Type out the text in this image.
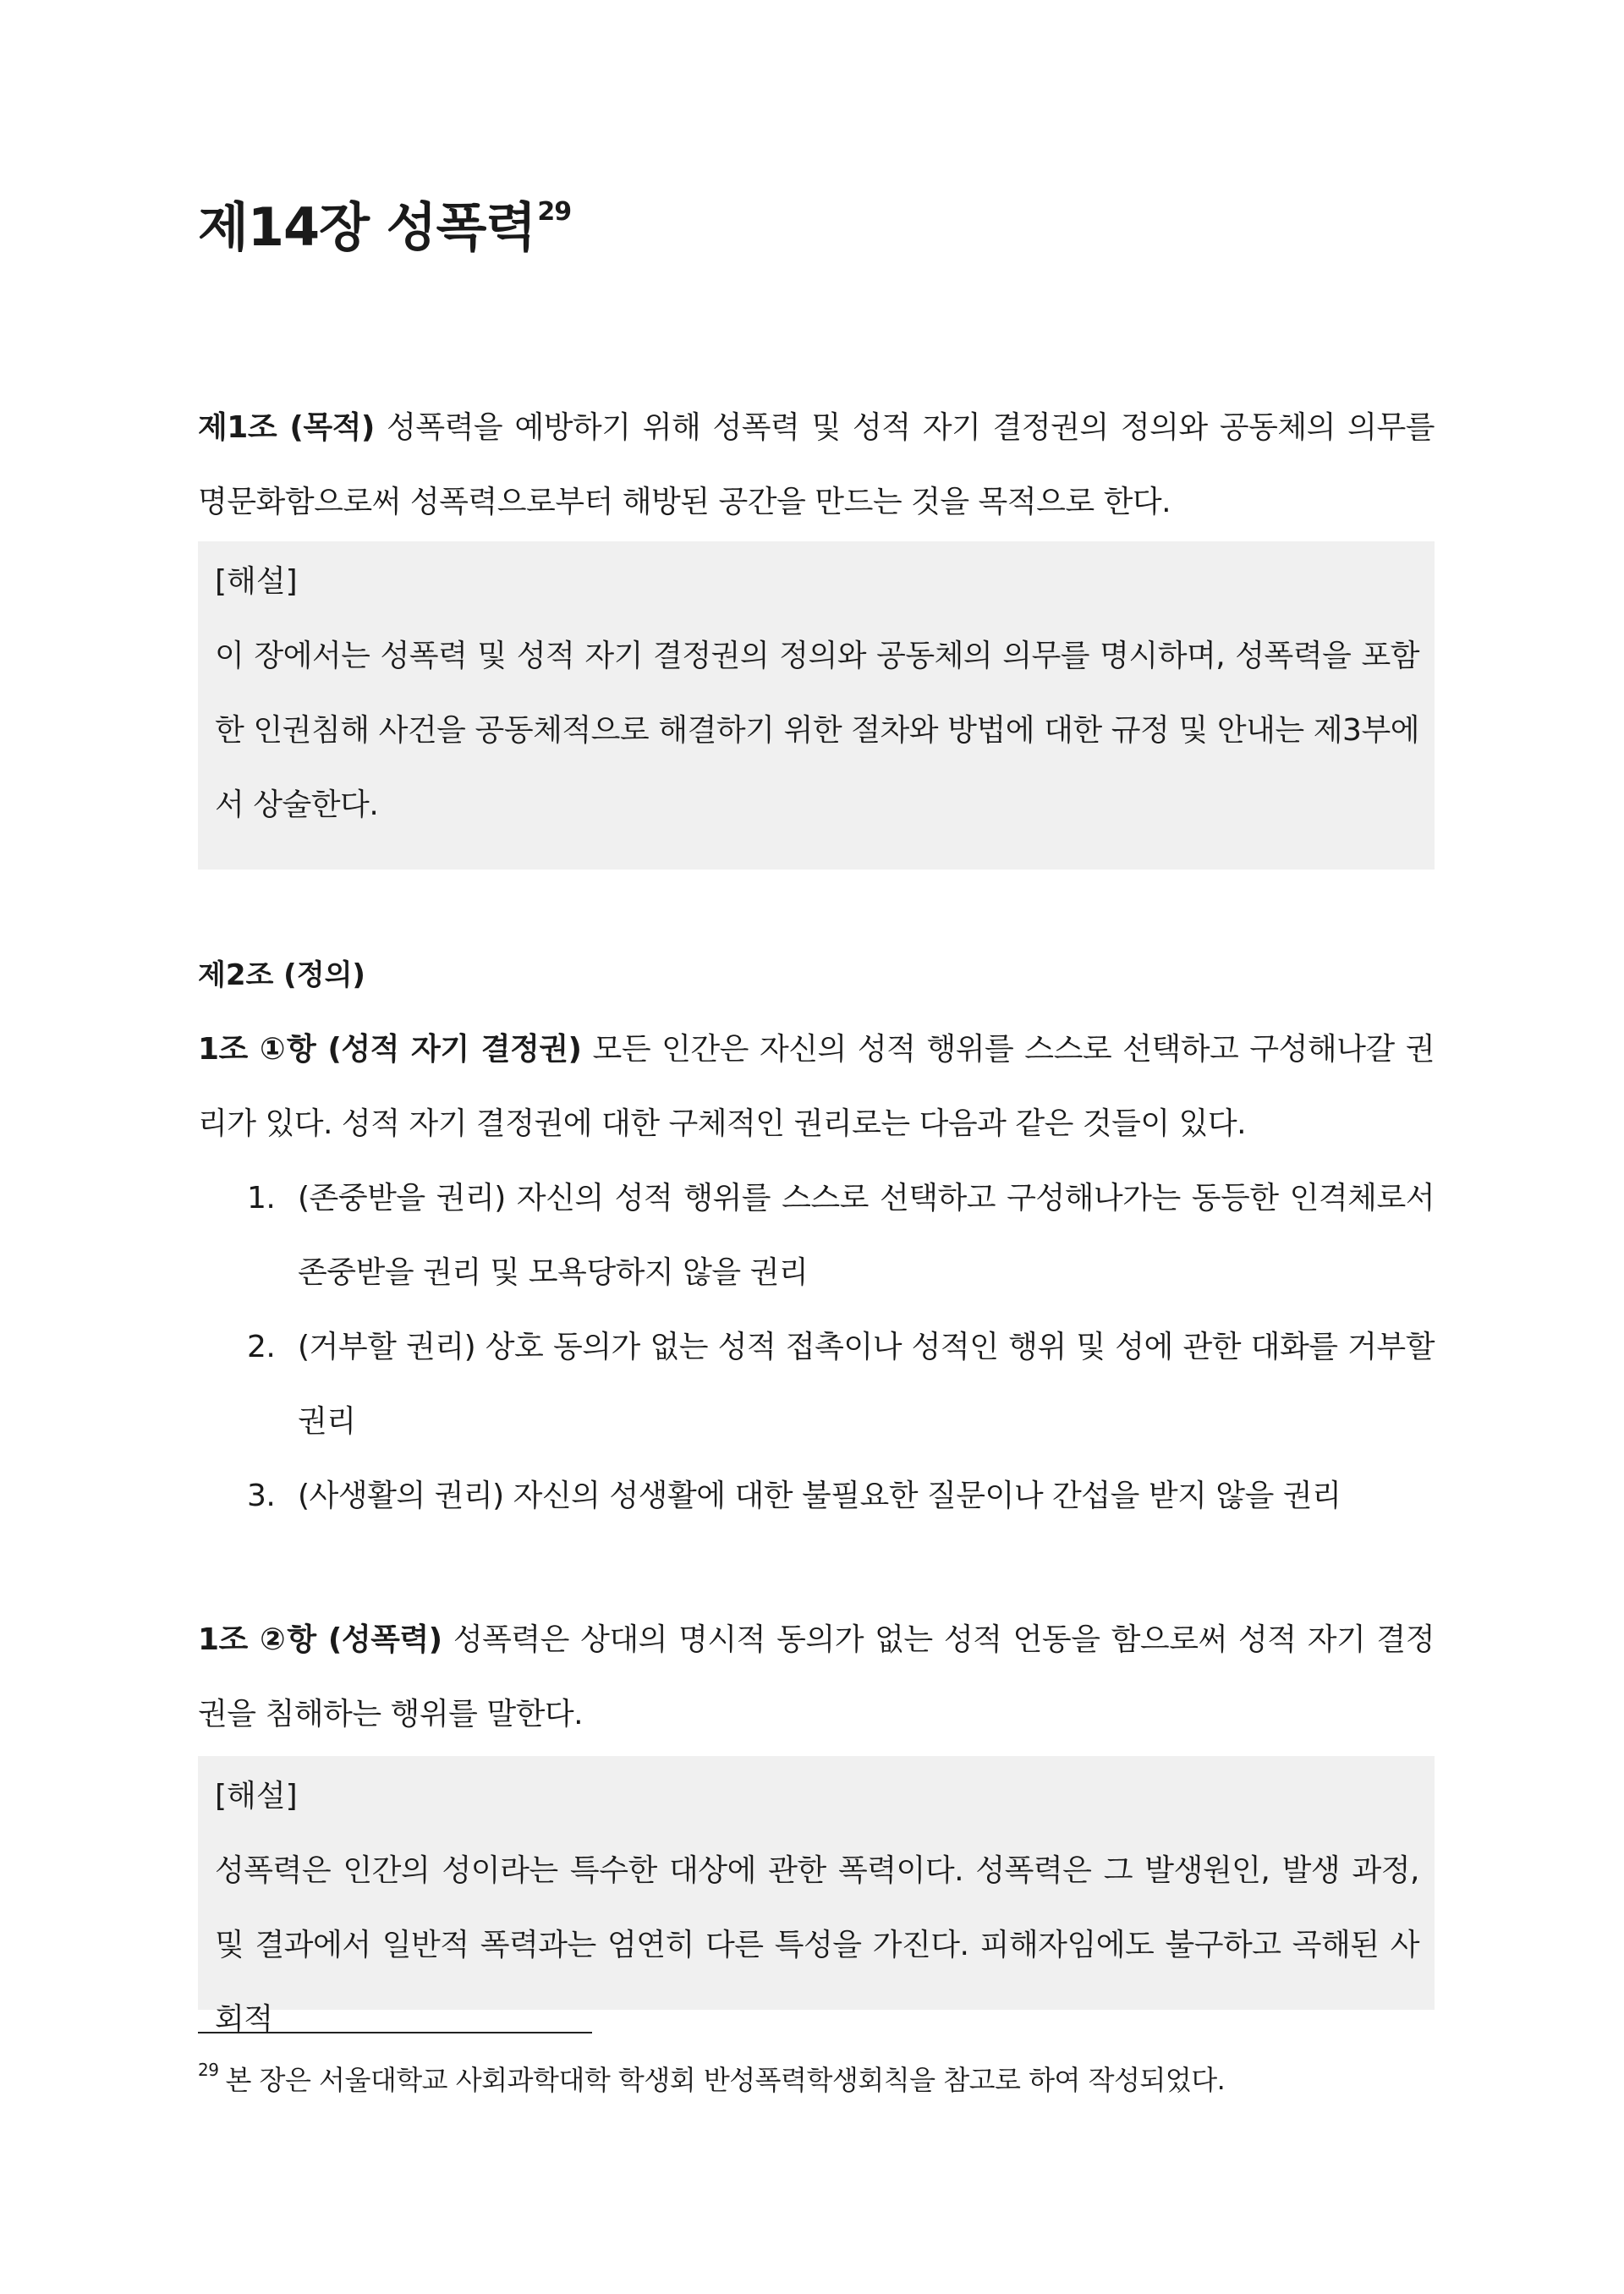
제14장 성폭력$^{29}$

제1조 (목적) 성폭력을 예방하기 위해 성폭력 및 성적 자기 결정권의 정의와 공동체의 의무를 명문화함으로써 성폭력으로부터 해방된 공간을 만드는 것을 목적으로 한다.

[해설]

이 장에서는 성폭력 및 성적 자기 결정권의 정의와 공동체의 의무를 명시하며, 성폭력을 포함한 인권침해 사건을 공동체적으로 해결하기 위한 절차와 방법에 대한 규정 및 안내는 제3부에서 상술한다.

제2조 (정의)

1조 ①항 (성적 자기 결정권) 모든 인간은 자신의 성적 행위를 스스로 선택하고 구성해나갈 권리가 있다. 성적 자기 결정권에 대한 구체적인 권리로는 다음과 같은 것들이 있다.

1. (존중받을 권리) 자신의 성적 행위를 스스로 선택하고 구성해나가는 동등한 인격체로서 존중받을 권리 및 모욕당하지 않을 권리
2. (거부할 권리) 상호 동의가 없는 성적 접촉이나 성적인 행위 및 성에 관한 대화를 거부할 권리
3. (사생활의 권리) 자신의 성생활에 대한 불필요한 질문이나 간섭을 받지 않을 권리

1조 ②항 (성폭력) 성폭력은 상대의 명시적 동의가 없는 성적 언동을 함으로써 성적 자기 결정권을 침해하는 행위를 말한다.

[해설]

성폭력은 인간의 성이라는 특수한 대상에 관한 폭력이다. 성폭력은 그 발생원인, 발생 과정, 및 결과에서 일반적 폭력과는 엄연히 다른 특성을 가진다. 피해자임에도 불구하고 곡해된 사회적

$^{29}$ 본 장은 서울대학교 사회과학대학 학생회 반성폭력학생회칙을 참고로 하여 작성되었다.
